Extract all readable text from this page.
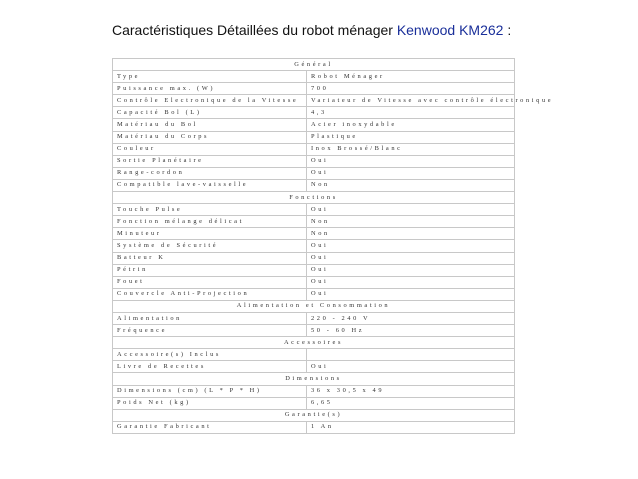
Caractéristiques Détaillées du robot ménager Kenwood KM262 :
Général	
Type	Robot Ménager
Puissance max. (W)	700
Contrôle Electronique de la Vitesse	Variateur de Vitesse avec contrôle électronique
Capacité Bol (L)	4,3
Matériau du Bol	Acier inoxydable
Matériau du Corps	Plastique
Couleur	Inox Brossé/Blanc
Sortie Planétaire	Oui
Range-cordon	Oui
Compatible lave-vaisselle	Non
Fonctions	
Touche Pulse	Oui
Fonction mélange délicat	Non
Minuteur	Non
Système de Sécurité	Oui
Batteur K	Oui
Pétrin	Oui
Fouet	Oui
Couvercle Anti-Projection	Oui
Alimentation et Consommation	
Alimentation	220 - 240 V
Fréquence	50 - 60 Hz
Accessoires	
Accessoire(s) Inclus	
Livre de Recettes	Oui
Dimensions	
Dimensions (cm) (L * P * H)	36 x 30,5 x 49
Poids Net (kg)	6,65
Garantie(s)	
Garantie Fabricant	1 An
